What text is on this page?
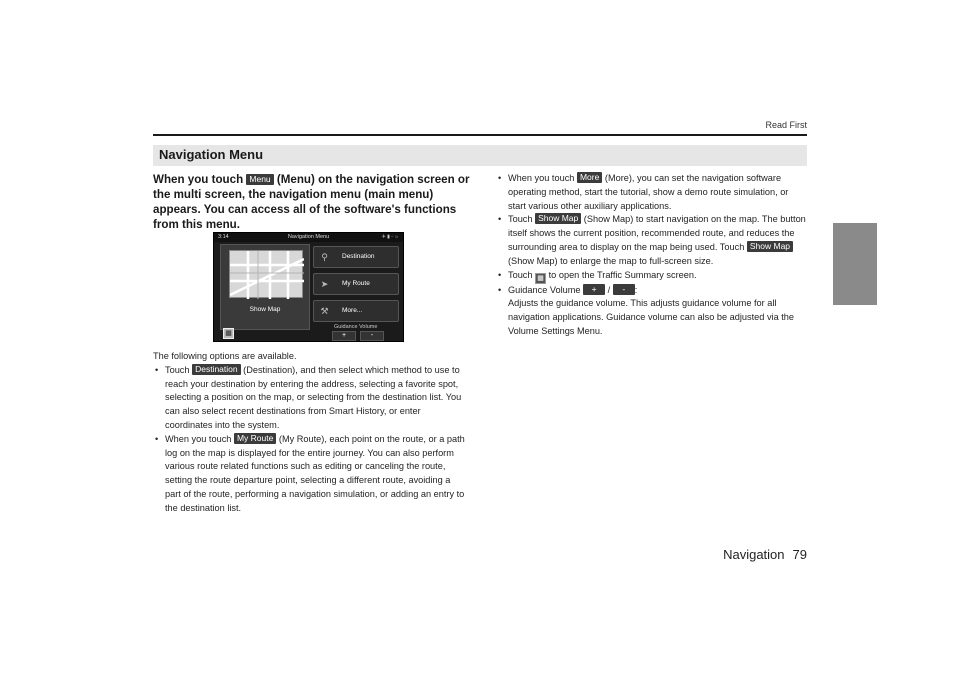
Read First
Navigation Menu
When you touch Menu (Menu) on the navigation screen or the multi screen, the navigation menu (main menu) appears. You can access all of the software's functions from this menu.
3:14	Navigation Menu	✈ ▮ ◦ ☼
Show Map
⚲	Destination
➤ My Route
⚒ More...
Guidance Volume
+	-
▦
The following options are available.
• Touch Destination (Destination), and then select which method to use to reach your destination by entering the address, selecting a favorite spot, selecting a position on the map, or selecting from the destination list. You can also select recent destinations from Smart History, or enter coordinates into the system.
• When you touch My Route (My Route), each point on the route, or a path log on the map is displayed for the entire journey. You can also perform various route related functions such as editing or canceling the route, setting the route departure point, selecting a different route, avoiding a part of the route, performing a navigation simulation, or adding an entry to the destination list.
• When you touch More (More), you can set the navigation software operating method, start the tutorial, show a demo route simulation, or start various other auxiliary applications.
• Touch Show Map (Show Map) to start navigation on the map. The button itself shows the current position, recommended route, and reduces the surrounding area to display on the map being used. Touch Show Map (Show Map) to enlarge the map to full-screen size.
• Touch ▦ to open the Traffic Summary screen.
• Guidance Volume + / - :
Adjusts the guidance volume. This adjusts guidance volume for all navigation applications. Guidance volume can also be adjusted via the Volume Settings Menu.
Navigation 79
